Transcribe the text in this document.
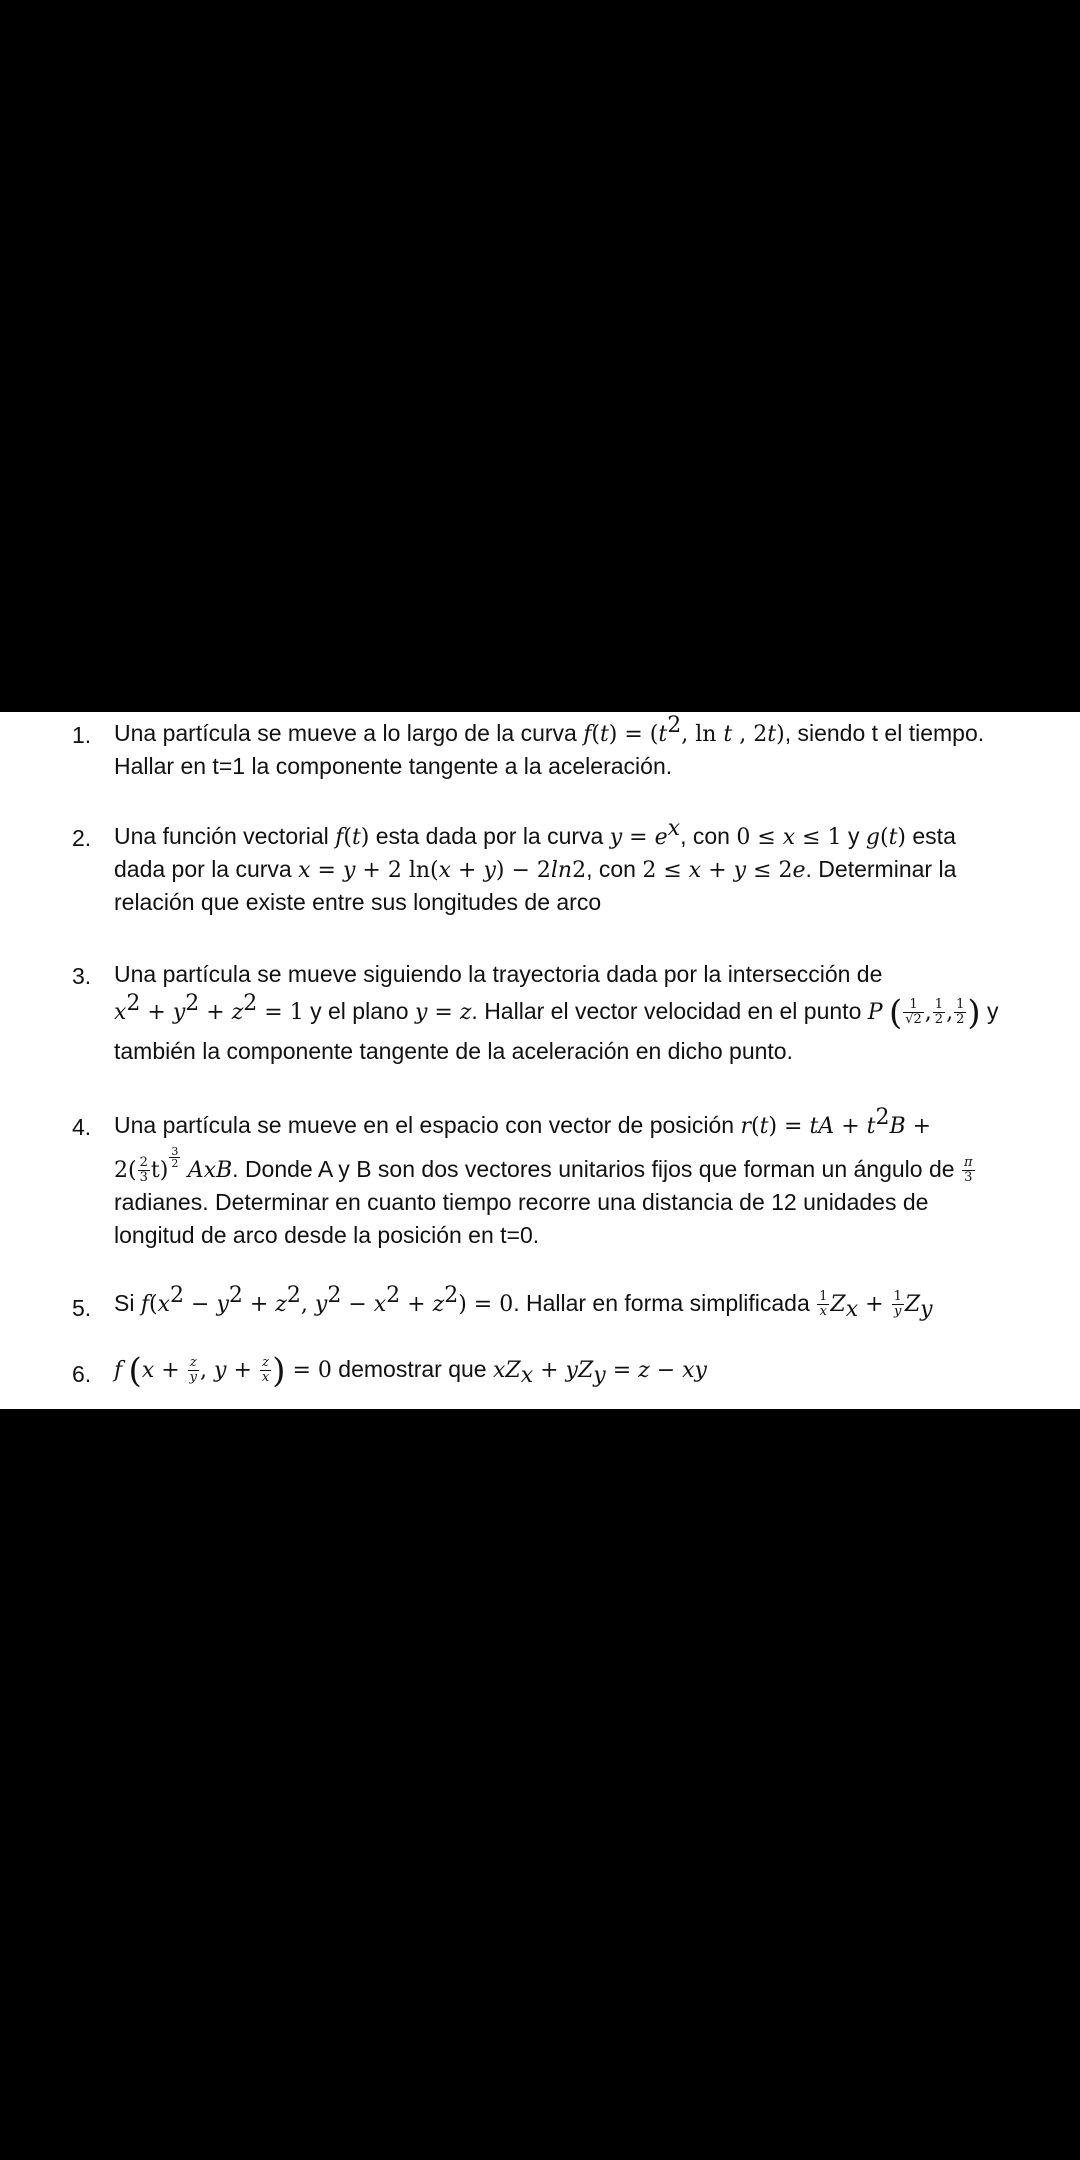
1. Una partícula se mueve a lo largo de la curva $f(t) = (t^2$, ln t , 2t), siendo t el tiempo.
Hallar en t=1 la componente tangente a la aceleración.
2. Una función vectorial f(t) esta dada por la curva $y = e^x$, con 0 ≤ x ≤ 1 y g(t) esta
dada por la curva x = y + 2 ln(x + y) − 2ln2, con 2 ≤ x + y ≤ 2e. Determinar la
relación que existe entre sus longitudes de arco
3. Una partícula se mueve siguiendo la trayectoria dada por la intersección de
$x^2 + y^2 + z^2 = 1$ y el plano y = z. Hallar el vector velocidad en el punto P ( $\frac{1}{√2}$ , $\frac{1}{2}$ , $\frac{1}{2}$ ) y
también la componente tangente de la aceleración en dicho punto.
4. Una partícula se mueve en el espacio con vector de posición r(t) = tA + $t^2B$ +
$2( \frac{2}{3} t)$
$\frac{3}{2}$
AxB. Donde A y B son dos vectores unitarios fijos que forman un ángulo de $\frac{\pi}{3}$
radianes. Determinar en cuanto tiempo recorre una distancia de 12 unidades de
longitud de arco desde la posición en t=0.
5. Si $f(x^2 - y^2 + z^2$, $y^2 - x^2 + z^2) = 0$. Hallar en forma simplificada $\frac{1}{x} Z_x + \frac{1}{y} Z_y$
6. f ($x + \frac{z}{y}$ , $y + \frac{z}{x}$ ) = 0 demostrar que $xZ_x + yZ_y = z$ − xy
